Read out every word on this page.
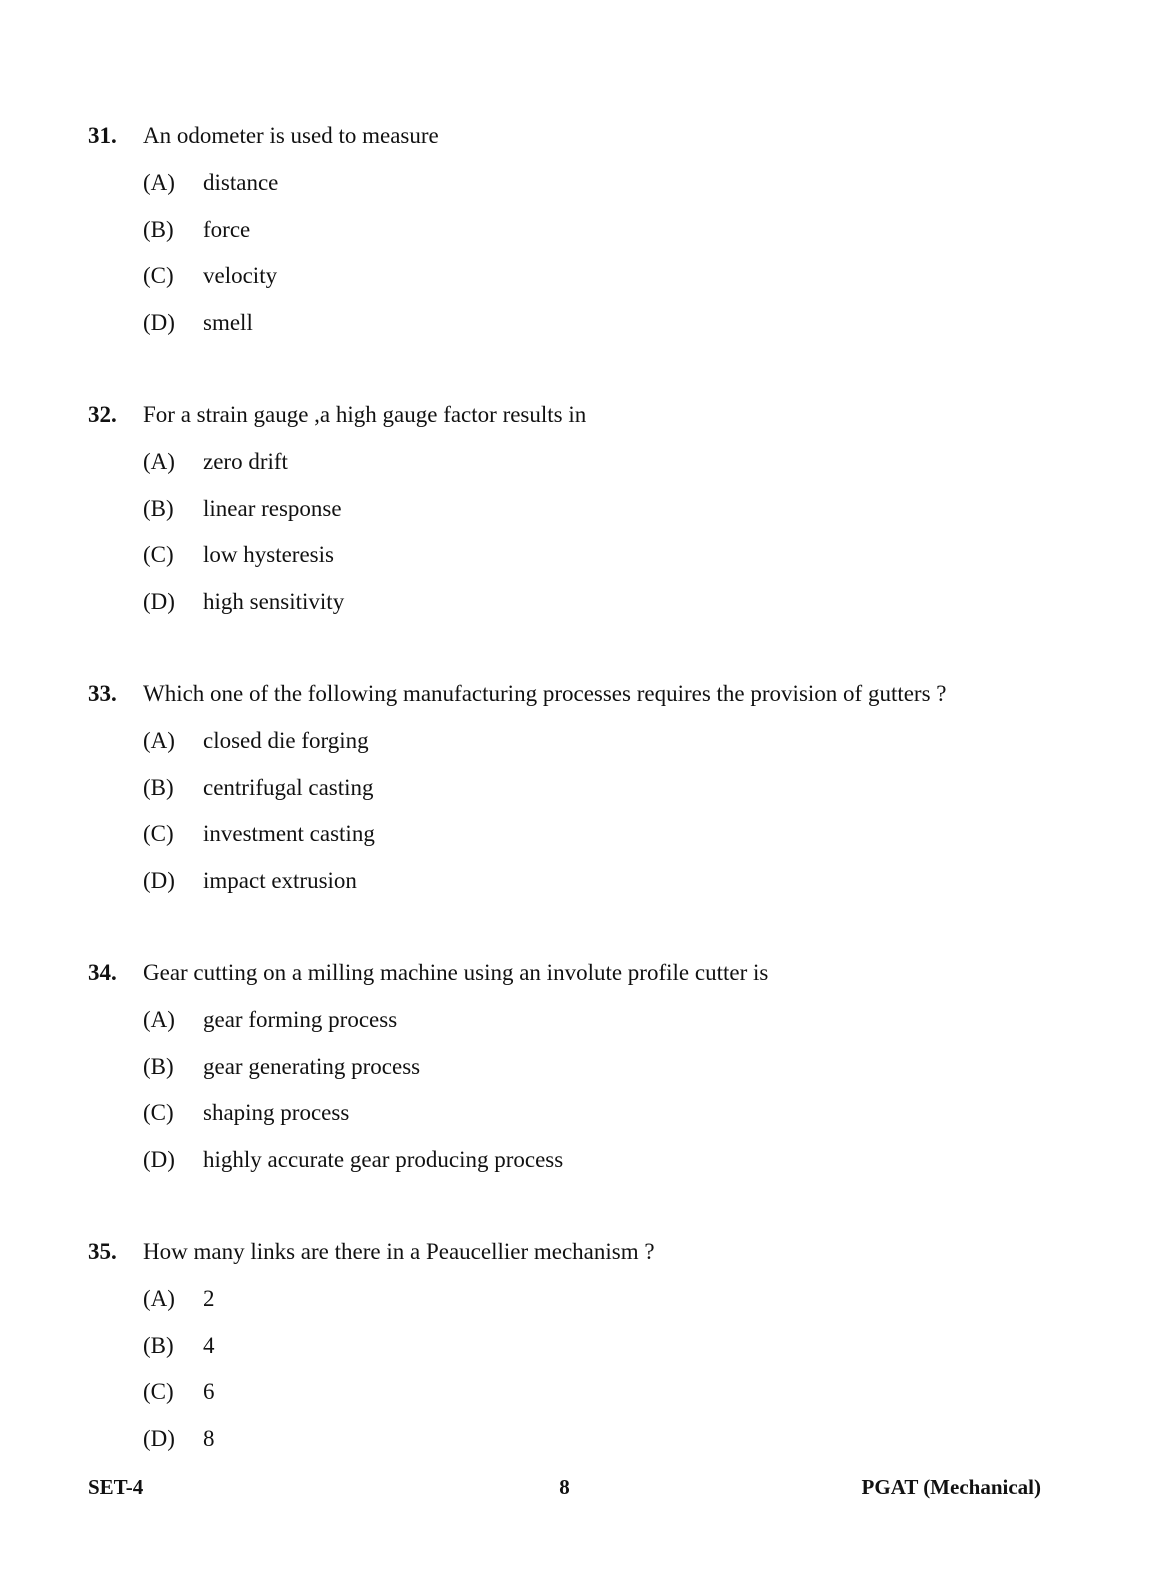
31. An odometer is used to measure
(A)	distance
(B)	force
(C)	velocity
(D)	smell
32. For a strain gauge ,a high gauge factor results in
(A)	zero drift
(B)	linear response
(C)	low hysteresis
(D)	high sensitivity
33. Which one of the following manufacturing processes requires the provision of gutters ?
(A)	closed die forging
(B)	centrifugal casting
(C)	investment casting
(D)	impact extrusion
34. Gear cutting on a milling machine using an involute profile cutter is
(A)	gear forming process
(B)	gear generating process
(C)	shaping process
(D)	highly accurate gear producing process
35. How many links are there in a Peaucellier mechanism ?
(A)	2
(B)	4
(C)	6
(D)	8
SET-4	8	PGAT (Mechanical)
